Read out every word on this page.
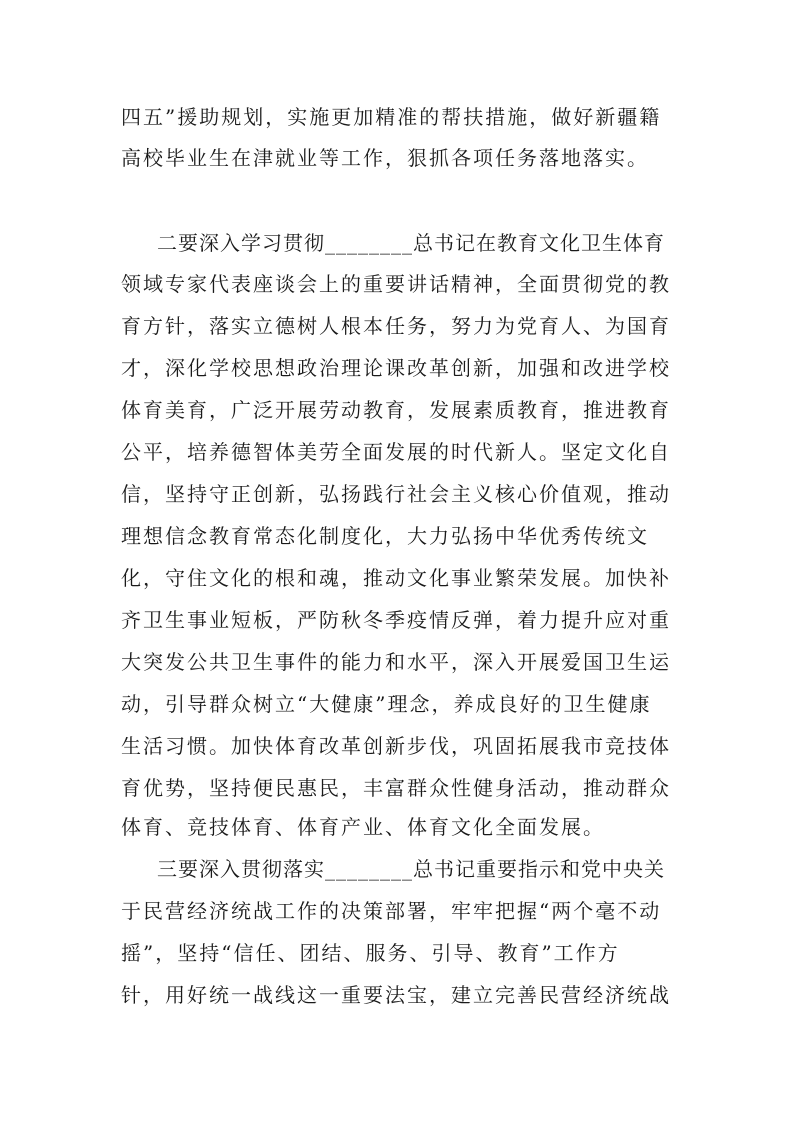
四五”援助规划，实施更加精准的帮扶措施，做好新疆籍
高校毕业生在津就业等工作，狠抓各项任务落地落实。
二要深入学习贯彻________总书记在教育文化卫生体育
领域专家代表座谈会上的重要讲话精神，全面贯彻党的教
育方针，落实立德树人根本任务，努力为党育人、为国育
才，深化学校思想政治理论课改革创新，加强和改进学校
体育美育，广泛开展劳动教育，发展素质教育，推进教育
公平，培养德智体美劳全面发展的时代新人。坚定文化自
信，坚持守正创新，弘扬践行社会主义核心价值观，推动
理想信念教育常态化制度化，大力弘扬中华优秀传统文
化，守住文化的根和魂，推动文化事业繁荣发展。加快补
齐卫生事业短板，严防秋冬季疫情反弹，着力提升应对重
大突发公共卫生事件的能力和水平，深入开展爱国卫生运
动，引导群众树立“大健康”理念，养成良好的卫生健康
生活习惯。加快体育改革创新步伐，巩固拓展我市竞技体
育优势，坚持便民惠民，丰富群众性健身活动，推动群众
体育、竞技体育、体育产业、体育文化全面发展。
三要深入贯彻落实________总书记重要指示和党中央关
于民营经济统战工作的决策部署，牢牢把握“两个毫不动
摇”，坚持“信任、团结、服务、引导、教育”工作方
针，用好统一战线这一重要法宝，建立完善民营经济统战
